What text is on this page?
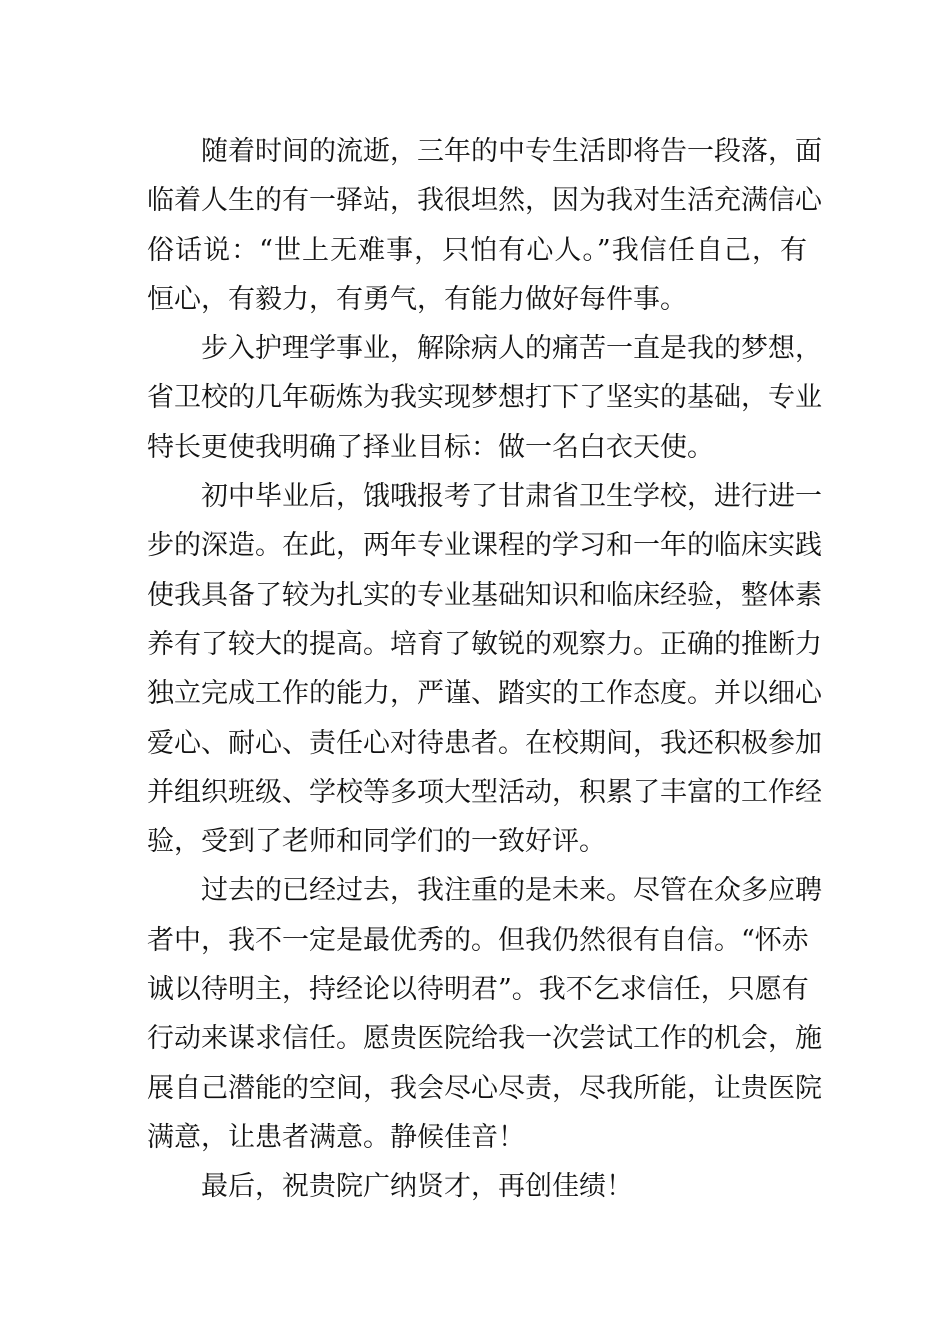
随着时间的流逝，三年的中专生活即将告一段落，面
临着人生的有一驿站，我很坦然，因为我对生活充满信心
俗话说：“世上无难事，只怕有心人。”我信任自己，有
恒心，有毅力，有勇气，有能力做好每件事。
步入护理学事业，解除病人的痛苦一直是我的梦想，
省卫校的几年砺炼为我实现梦想打下了坚实的基础，专业
特长更使我明确了择业目标：做一名白衣天使。
初中毕业后，饿哦报考了甘肃省卫生学校，进行进一
步的深造。在此，两年专业课程的学习和一年的临床实践
使我具备了较为扎实的专业基础知识和临床经验，整体素
养有了较大的提高。培育了敏锐的观察力。正确的推断力
独立完成工作的能力，严谨、踏实的工作态度。并以细心
爱心、耐心、责任心对待患者。在校期间，我还积极参加
并组织班级、学校等多项大型活动，积累了丰富的工作经
验，受到了老师和同学们的一致好评。
过去的已经过去，我注重的是未来。尽管在众多应聘
者中，我不一定是最优秀的。但我仍然很有自信。“怀赤
诚以待明主，持经论以待明君”。我不乞求信任，只愿有
行动来谋求信任。愿贵医院给我一次尝试工作的机会，施
展自己潜能的空间，我会尽心尽责，尽我所能，让贵医院
满意，让患者满意。静候佳音！
最后，祝贵院广纳贤才，再创佳绩！
